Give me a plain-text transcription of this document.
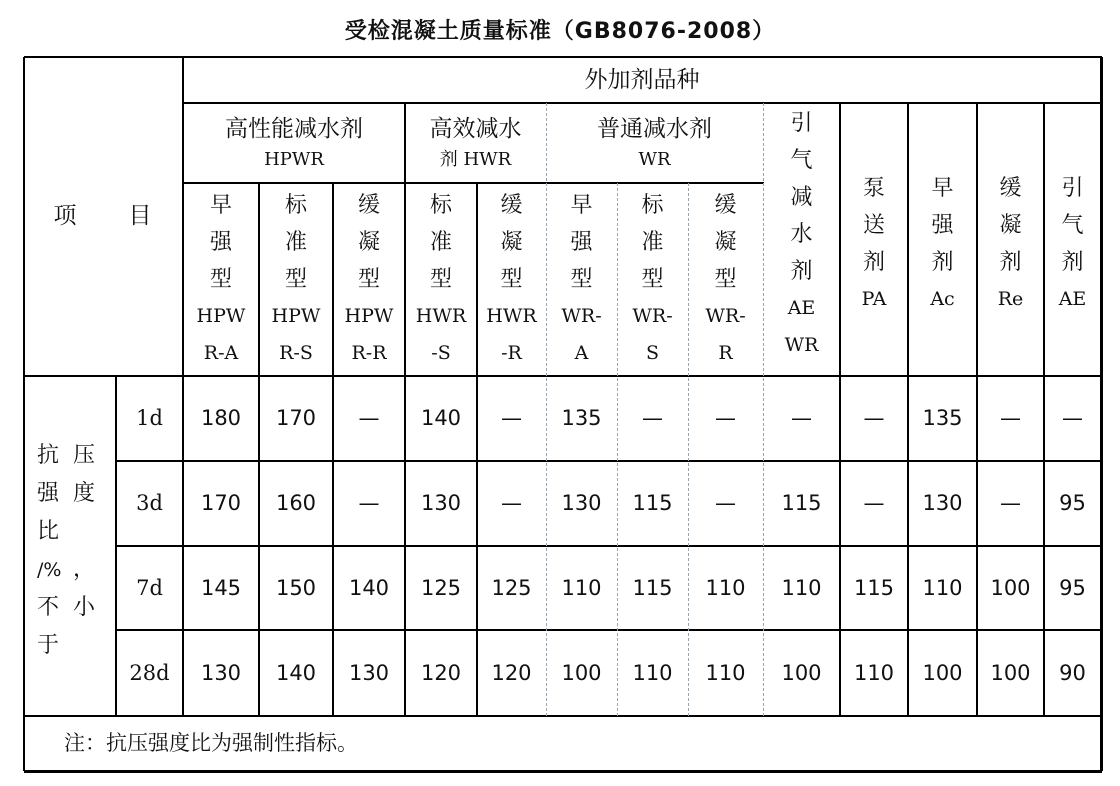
受检混凝土质量标准（GB8076-2008）
项　　目
外加剂品种
高性能减水剂
HPWR
高效减水
剂 HWR
普通减水剂
WR
早
强
型
HPW
R-A
标
准
型
HPW
R-S
缓
凝
型
HPW
R-R
标
准
型
HWR
-S
缓
凝
型
HWR
-R
早
强
型
WR-
A
标
准
型
WR-
S
缓
凝
型
WR-
R
引
气
减
水
剂
AE
WR
泵
送
剂
PA
早
强
剂
Ac
缓
凝
剂
Re
引
气
剂
AE
抗 压
强 度
比
/% ，
不 小
于
1d 180 170 — 140 — 135 — —	— — 135 — —
3d 170 160 — 130 — 130 115 — 115 — 130 — 95
7d 145 150 140 125 125 110 115 110 110 115 110 100 95
28d 130 140 130 120 120 100 110 110 100 110 100 100 90
注：抗压强度比为强制性指标。
